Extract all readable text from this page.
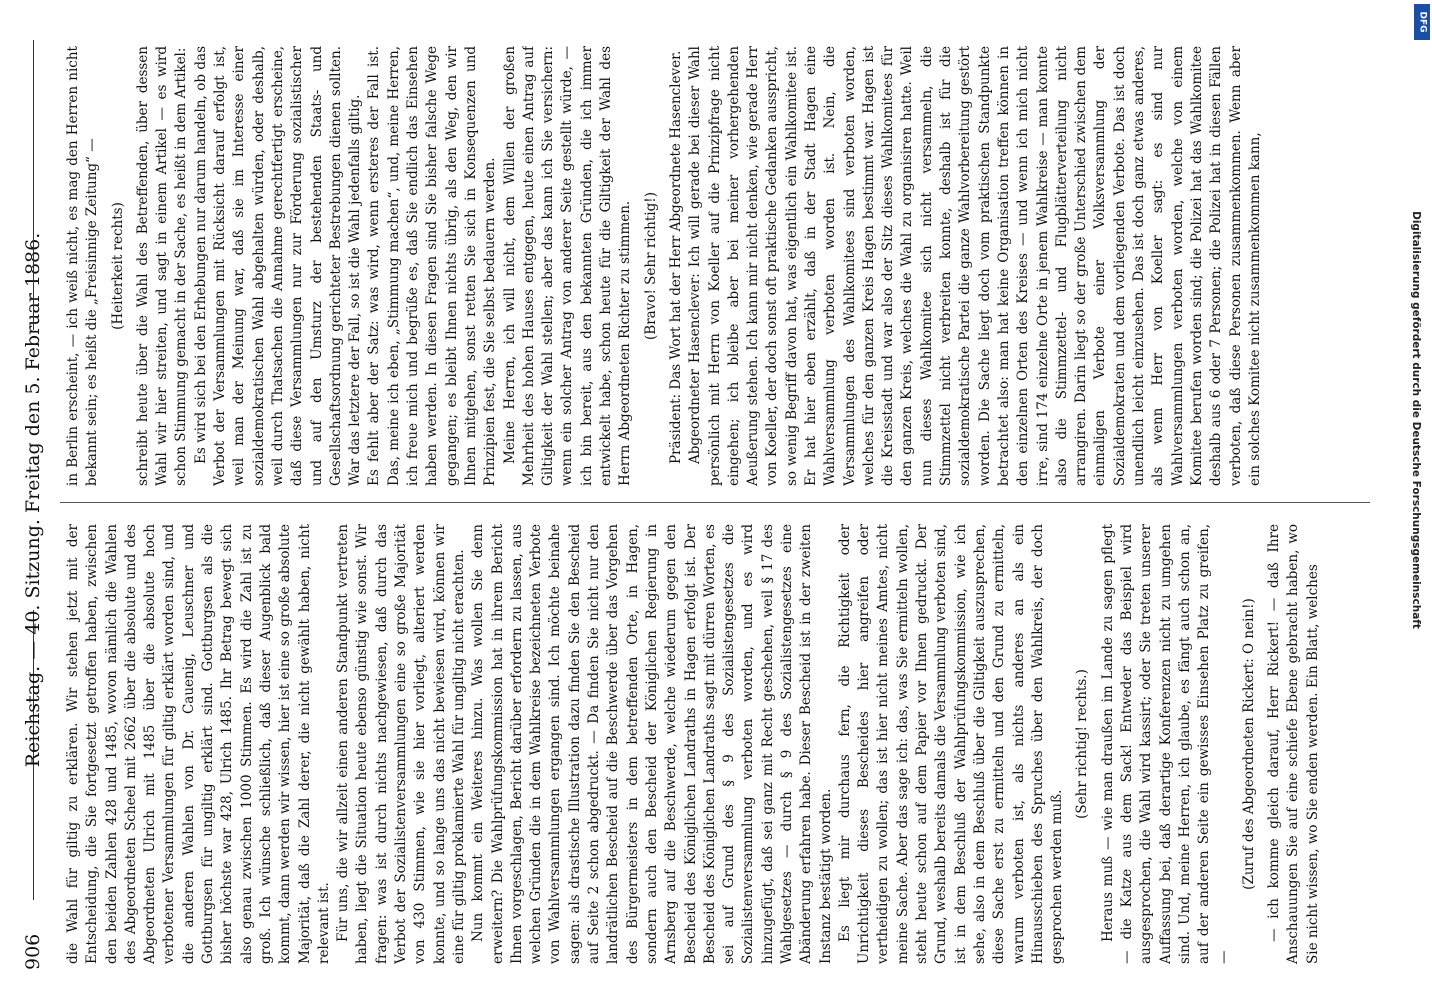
906
Reichstag. — 40. Sitzung. Freitag den 5. Februar 1886. die Wahl für giltig zu erklären. Wir stehen jetzt mit der Entscheidung, die Sie fortgesetzt getroffen haben, zwischen den beiden Zahlen 428 und 1485, wovon nämlich die Wahlen des Abgeordneten Scheel mit 2662 über die absolute und des Abgeordneten Ulrich mit 1485 über die absolute hoch verbotener Versammlungen für giltig erklärt worden sind, und die anderen Wahlen von Dr. Cauenig, Leuschner und Gottburgsen für ungiltig erklärt sind. Gottburgsen als die bisher höchste war 428, Ulrich 1485. Ihr Betrag bewegt sich also genau zwischen 1000 Stimmen. Es wird die Zahl ist zu groß. Ich wünsche schließlich, daß dieser Augenblick bald kommt, dann werden wir wissen, hier ist eine so große absolute Majorität, daß die Zahl derer, die nicht gewählt haben, nicht relevant ist. Für uns, die wir allzeit einen anderen Standpunkt vertreten haben, liegt die Situation heute ebenso günstig wie sonst. Wir fragen: was ist durch nichts nachgewiesen, daß durch das Verbot der Sozialistenversammlungen eine so große Majorität von 430 Stimmen, wie sie hier vorliegt, alteriert werden konnte, und so lange uns das nicht bewiesen wird, können wir eine für giltig proklamierte Wahl für ungiltig nicht erachten. Nun kommt ein Weiteres hinzu. Was wollen Sie denn erweitern? Die Wahlprüfungskommission hat in ihrem Bericht Ihnen vorgeschlagen, Bericht darüber erfordern zu lassen, aus welchen Gründen die in dem Wahlkreise bezeichneten Verbote von Wahlversammlungen ergangen sind. Ich möchte beinahe sagen: als drastische Illustration dazu finden Sie den Bescheid auf Seite 2 schon abgedruckt. — Da finden Sie nicht nur den landrätlichen Bescheid auf die Beschwerde über das Vorgehen des Bürgermeisters in dem betreffenden Orte, in Hagen, sondern auch den Bescheid der Königlichen Regierung in Arnsberg auf die Beschwerde, welche wiederum gegen den Bescheid des Königlichen Landraths in Hagen erfolgt ist. Der Bescheid des Königlichen Landraths sagt mit dürren Worten, es sei auf Grund des § 9 des Sozialistengesetzes die Sozialistenversammlung verboten worden, und es wird hinzugefügt, daß sei ganz mit Recht geschehen, weil § 17 des Wahlgesetzes — durch § 9 des Sozialistengesetzes eine Abänderung erfahren habe. Dieser Bescheid ist in der zweiten Instanz bestätigt worden. Es liegt mir durchaus fern, die Richtigkeit oder Unrichtigkeit dieses Bescheides hier angreifen oder vertheidigen zu wollen; das ist hier nicht meines Amtes, nicht meine Sache. Aber das sage ich: das, was Sie ermitteln wollen, steht heute schon auf dem Papier vor Ihnen gedruckt. Der Grund, weshalb bereits damals die Versammlung verboten sind, ist in dem Beschluß der Wahlprüfungskommission, wie ich sehe, also in dem Beschluß über die Giltigkeit auszusprechen, diese Sache erst zu ermitteln und den Grund zu ermitteln, warum verboten ist, als nichts anderes an als ein Hinausschieben des Spruches über den Wahlkreis, der doch gesprochen werden muß.

(Sehr richtig! rechts.) Heraus muß — wie man draußen im Lande zu sagen pflegt — die Katze aus dem Sack! Entweder das Beispiel wird ausgesprochen, die Wahl wird kassirt; oder Sie treten unserer Auffassung bei, daß derartige Konferenzen nicht zu umgehen sind. Und, meine Herren, ich glaube, es fängt auch schon an, auf der anderen Seite ein gewisses Einsehen Platz zu greifen, —

(Zuruf des Abgeordneten Rickert: O nein!) — ich komme gleich darauf, Herr Rickert! — daß Ihre Anschauungen Sie auf eine schiefe Ebene gebracht haben, wo Sie nicht wissen, wo Sie enden werden. Ein Blatt, welches

in Berlin erscheint, — ich weiß nicht, es mag den Herren nicht bekannt sein; es heißt die „Freisinnige Zeitung“ — (Heiterkeit rechts) schreibt heute über die Wahl des Betreffenden, über dessen Wahl wir hier streiten, und sagt in einem Artikel — es wird schon Stimmung gemacht in der Sache, es heißt in dem Artikel: Es wird sich bei den Erhebungen nur darum handeln, ob das Verbot der Versammlungen mit Rücksicht darauf erfolgt ist, weil man der Meinung war, daß sie im Interesse einer sozialdemokratischen Wahl abgehalten würden, oder deshalb, weil durch Thatsachen die Annahme gerechtfertigt erscheine, daß diese Versammlungen nur zur Förderung sozialistischer und auf den Umsturz der bestehenden Staats- und Gesellschaftsordnung gerichteter Bestrebungen dienen sollten. War das letztere der Fall, so ist die Wahl jedenfalls giltig. Es fehlt aber der Satz: was wird, wenn ersteres der Fall ist. Das, meine ich eben, „Stimmung machen“, und, meine Herren, ich freue mich und begrüße es, daß Sie endlich das Einsehen haben werden. In diesen Fragen sind Sie bisher falsche Wege gegangen; es bleibt Ihnen nichts übrig, als den Weg, den wir Ihnen mitgehen, sonst retten Sie sich in Konsequenzen und Prinzipien fest, die Sie selbst bedauern werden. Meine Herren, ich will nicht, dem Willen der großen Mehrheit des hohen Hauses entgegen, heute einen Antrag auf Giltigkeit der Wahl stellen; aber das kann ich Sie versichern: wenn ein solcher Antrag von anderer Seite gestellt würde, — ich bin bereit, aus den bekannten Gründen, die ich immer entwickelt habe, schon heute für die Giltigkeit der Wahl des Herrn Abgeordneten Richter zu stimmen. (Bravo! Sehr richtig!) Präsident: Das Wort hat der Herr Abgeordnete Hasenclever. Abgeordneter Hasenclever: Ich will gerade bei dieser Wahl persönlich mit Herrn von Koeller auf die Prinzipfrage nicht eingehen; ich bleibe aber bei meiner vorhergehenden Aeußerung stehen. Ich kann mir nicht denken, wie gerade Herr von Koeller, der doch sonst oft praktische Gedanken ausspricht, so wenig Begriff davon hat, was eigentlich ein Wahlkomitee ist. Er hat hier eben erzählt, daß in der Stadt Hagen eine Wahlversammlung verboten worden ist. Nein, die Versammlungen des Wahlkomitees sind verboten worden, welches für den ganzen Kreis Hagen bestimmt war. Hagen ist die Kreisstadt und war also der Sitz dieses Wahlkomitees für den ganzen Kreis, welches die Wahl zu organisiren hatte. Weil nun dieses Wahlkomitee sich nicht versammeln, die Stimmzettel nicht verbreiten konnte, deshalb ist für die sozialdemokratische Partei die ganze Wahlvorbereitung gestört worden. Die Sache liegt doch vom praktischen Standpunkte betrachtet also: man hat keine Organisation treffen können in den einzelnen Orten des Kreises — und wenn ich mich nicht irre, sind 174 einzelne Orte in jenem Wahlkreise — man konnte also die Stimmzettel- und Flugblätterverteilung nicht arrangiren. Darin liegt so der große Unterschied zwischen dem einmaligen Verbote einer Volksversammlung der Sozialdemokraten und dem vorliegenden Verbote. Das ist doch unendlich leicht einzusehen. Das ist doch ganz etwas anderes, als wenn Herr von Koeller sagt: es sind nur Wahlversammlungen verboten worden, welche von einem Komitee berufen worden sind; die Polizei hat das Wahlkomitee deshalb aus 6 oder 7 Personen; die Polizei hat in diesen Fällen verboten, daß diese Personen zusammenkommen. Wenn aber ein solches Komitee nicht zusammenkommen kann,	Digitalisierung gefördert durch die Deutsche Forschungsgemeinschaft
DFG
